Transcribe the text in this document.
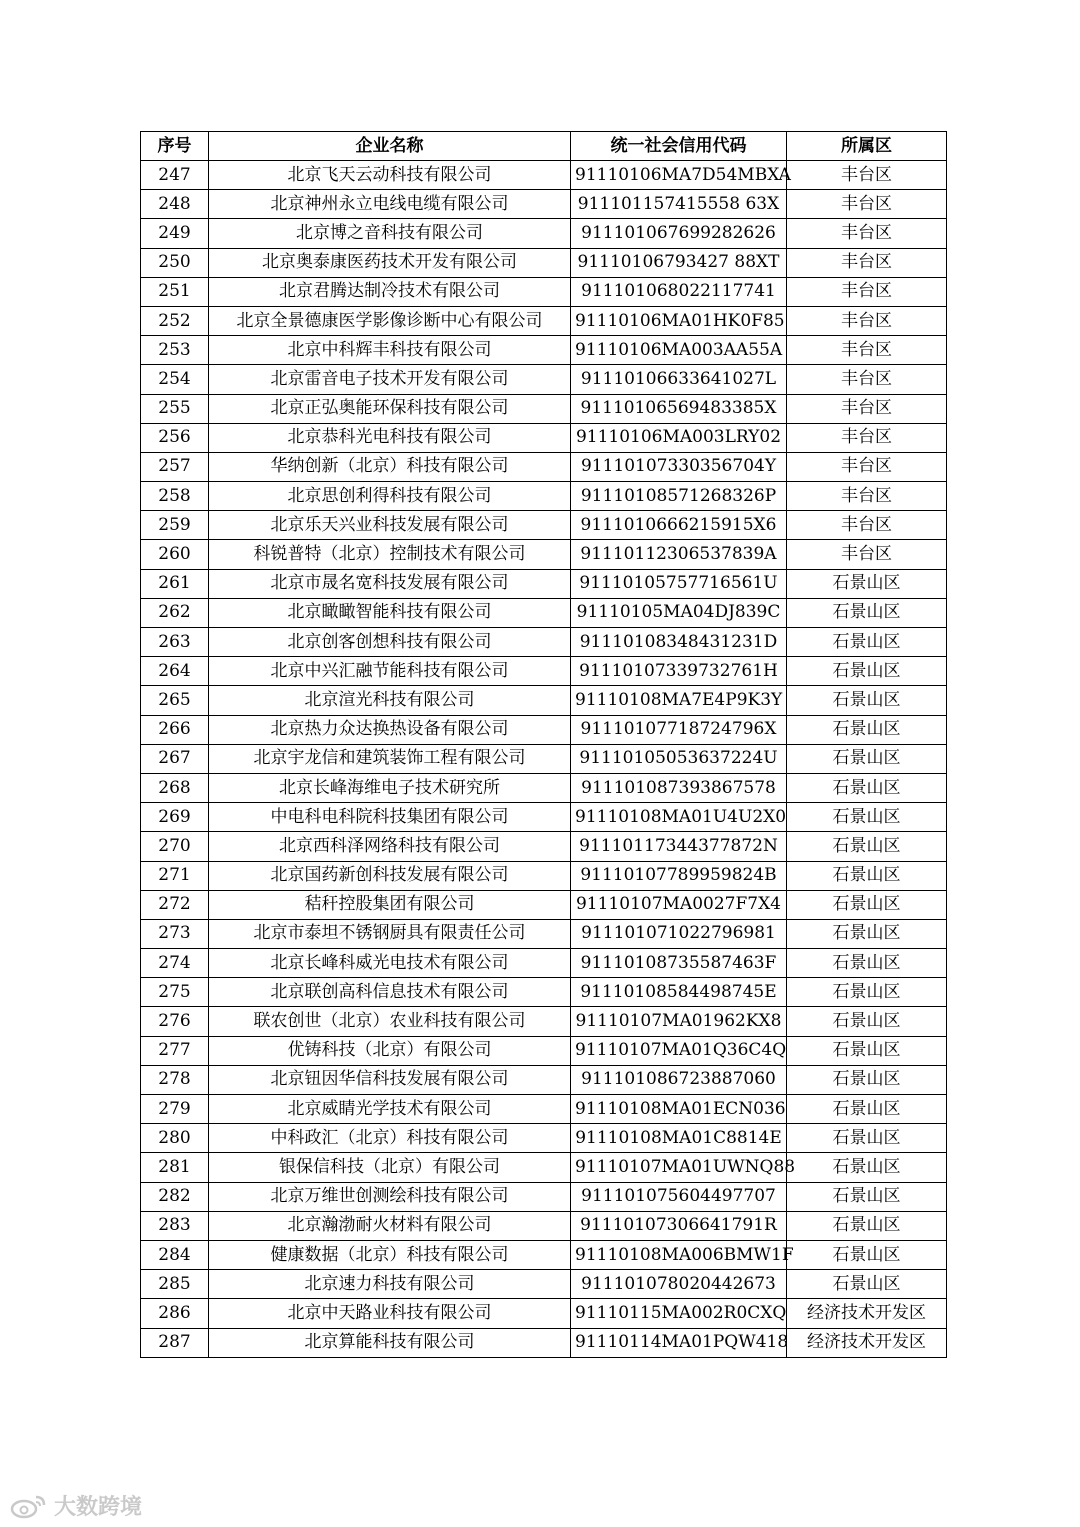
序号	企业名称	统一社会信用代码	所属区
247	北京飞天云动科技有限公司	91110106MA7D54MBXA	丰台区
248	北京神州永立电线电缆有限公司	911101157415558 63X	丰台区
249	北京博之音科技有限公司	911101067699282626	丰台区
250	北京奥泰康医药技术开发有限公司	91110106793427 88XT	丰台区
251	北京君腾达制冷技术有限公司	911101068022117741	丰台区
252	北京全景德康医学影像诊断中心有限公司	91110106MA01HK0F85	丰台区
253	北京中科辉丰科技有限公司	91110106MA003AA55A	丰台区
254	北京雷音电子技术开发有限公司	91110106633641027L	丰台区
255	北京正弘奥能环保科技有限公司	91110106569483385X	丰台区
256	北京恭科光电科技有限公司	91110106MA003LRY02	丰台区
257	华纳创新（北京）科技有限公司	91110107330356704Y	丰台区
258	北京思创利得科技有限公司	91110108571268326P	丰台区
259	北京乐天兴业科技发展有限公司	9111010666215915X6	丰台区
260	科锐普特（北京）控制技术有限公司	91110112306537839A	丰台区
261	北京市晟名宽科技发展有限公司	91110105757716561U	石景山区
262	北京瞰瞰智能科技有限公司	91110105MA04DJ839C	石景山区
263	北京创客创想科技有限公司	91110108348431231D	石景山区
264	北京中兴汇融节能科技有限公司	91110107339732761H	石景山区
265	北京渲光科技有限公司	91110108MA7E4P9K3Y	石景山区
266	北京热力众达换热设备有限公司	91110107718724796X	石景山区
267	北京宇龙信和建筑装饰工程有限公司	91110105053637224U	石景山区
268	北京长峰海维电子技术研究所	911101087393867578	石景山区
269	中电科电科院科技集团有限公司	91110108MA01U4U2X0	石景山区
270	北京西科泽网络科技有限公司	91110117344377872N	石景山区
271	北京国药新创科技发展有限公司	91110107789959824B	石景山区
272	秸秆控股集团有限公司	91110107MA0027F7X4	石景山区
273	北京市泰坦不锈钢厨具有限责任公司	911101071022796981	石景山区
274	北京长峰科威光电技术有限公司	91110108735587463F	石景山区
275	北京联创高科信息技术有限公司	91110108584498745E	石景山区
276	联农创世（北京）农业科技有限公司	91110107MA01962KX8	石景山区
277	优铸科技（北京）有限公司	91110107MA01Q36C4Q	石景山区
278	北京钮因华信科技发展有限公司	911101086723887060	石景山区
279	北京威睛光学技术有限公司	91110108MA01ECN036	石景山区
280	中科政汇（北京）科技有限公司	91110108MA01C8814E	石景山区
281	银保信科技（北京）有限公司	91110107MA01UWNQ88	石景山区
282	北京万维世创测绘科技有限公司	911101075604497707	石景山区
283	北京瀚渤耐火材料有限公司	91110107306641791R	石景山区
284	健康数据（北京）科技有限公司	91110108MA006BMW1F	石景山区
285	北京速力科技有限公司	911101078020442673	石景山区
286	北京中天路业科技有限公司	91110115MA002R0CXQ	经济技术开发区
287	北京算能科技有限公司	91110114MA01PQW418	经济技术开发区
大数跨境
